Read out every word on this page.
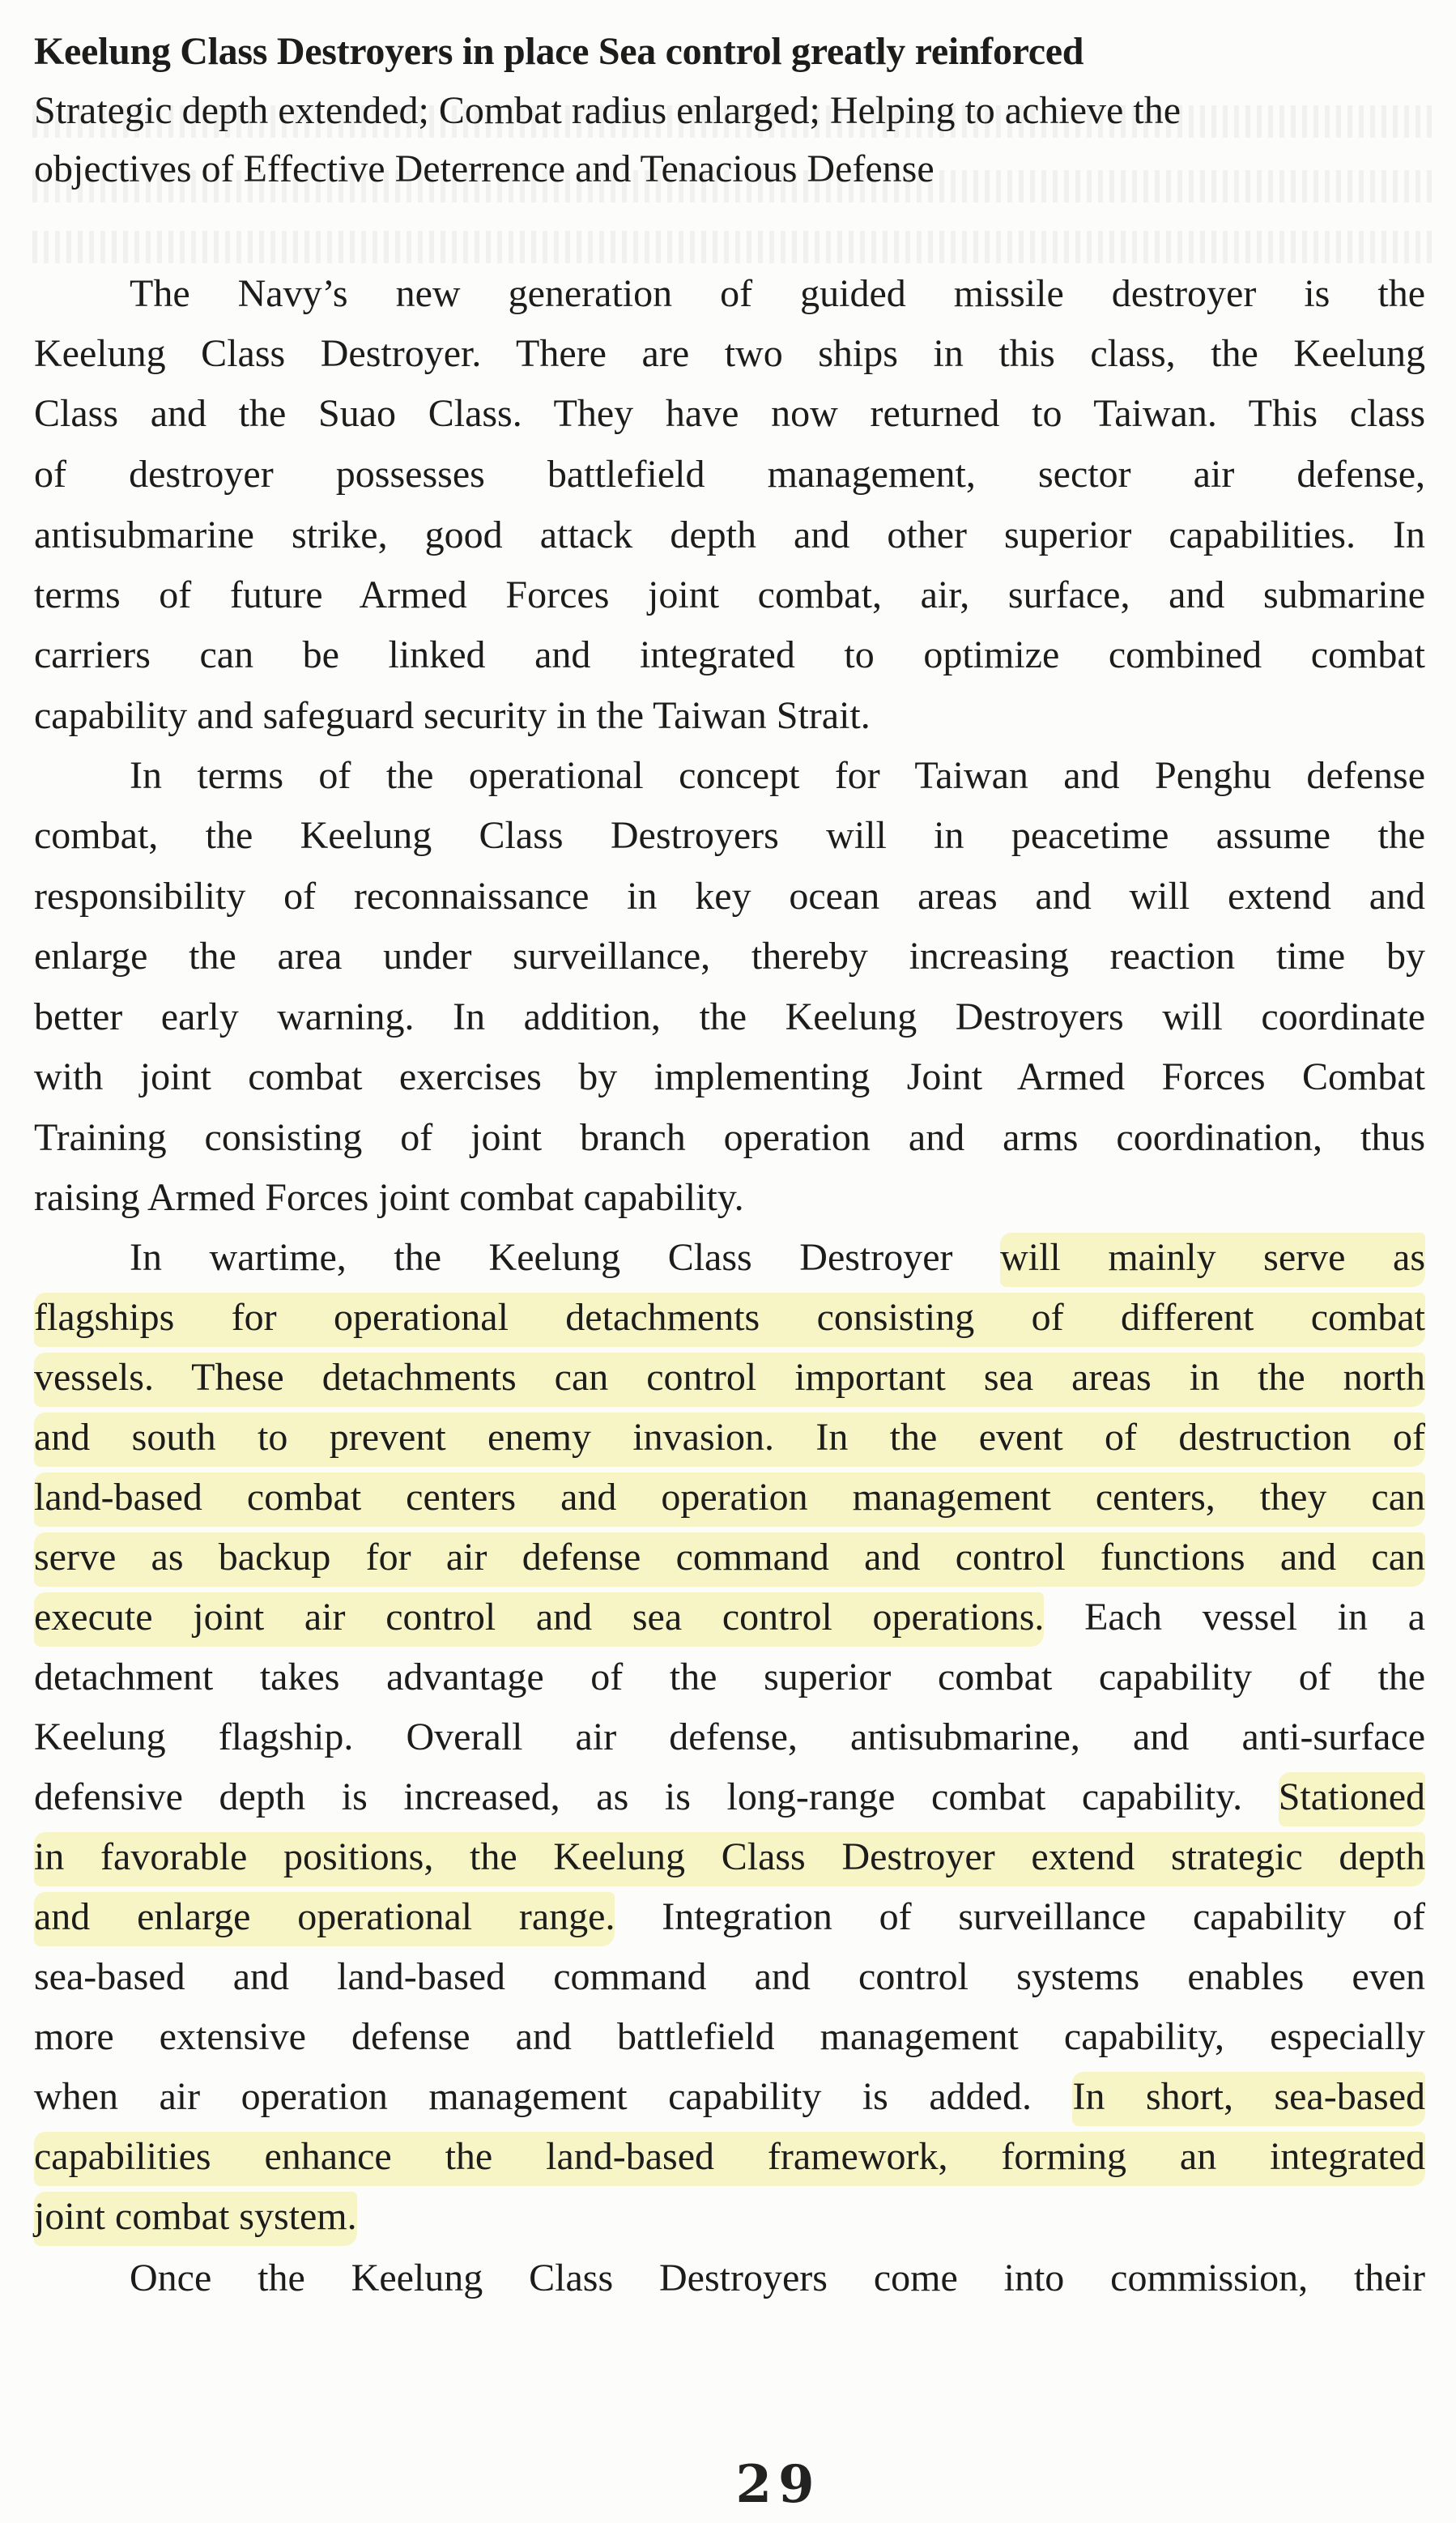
Keelung Class Destroyers in place Sea control greatly reinforced
Strategic depth extended; Combat radius enlarged; Helping to achieve the
objectives of Effective Deterrence and Tenacious Defense
The Navy’s new generation of guided missile destroyer is the
Keelung Class Destroyer. There are two ships in this class, the Keelung
Class and the Suao Class. They have now returned to Taiwan. This class
of destroyer possesses battlefield management, sector air defense,
antisubmarine strike, good attack depth and other superior capabilities. In
terms of future Armed Forces joint combat, air, surface, and submarine
carriers can be linked and integrated to optimize combined combat
capability and safeguard security in the Taiwan Strait.
In terms of the operational concept for Taiwan and Penghu defense
combat, the Keelung Class Destroyers will in peacetime assume the
responsibility of reconnaissance in key ocean areas and will extend and
enlarge the area under surveillance, thereby increasing reaction time by
better early warning. In addition, the Keelung Destroyers will coordinate
with joint combat exercises by implementing Joint Armed Forces Combat
Training consisting of joint branch operation and arms coordination, thus
raising Armed Forces joint combat capability.
In wartime, the Keelung Class Destroyer will mainly serve as
flagships for operational detachments consisting of different combat
vessels. These detachments can control important sea areas in the north
and south to prevent enemy invasion. In the event of destruction of
land-based combat centers and operation management centers, they can
serve as backup for air defense command and control functions and can
execute joint air control and sea control operations. Each vessel in a
detachment takes advantage of the superior combat capability of the
Keelung flagship. Overall air defense, antisubmarine, and anti-surface
defensive depth is increased, as is long-range combat capability. Stationed
in favorable positions, the Keelung Class Destroyer extend strategic depth
and enlarge operational range. Integration of surveillance capability of
sea-based and land-based command and control systems enables even
more extensive defense and battlefield management capability, especially
when air operation management capability is added. In short, sea-based
capabilities enhance the land-based framework, forming an integrated
joint combat system.
Once the Keelung Class Destroyers come into commission, their
29
